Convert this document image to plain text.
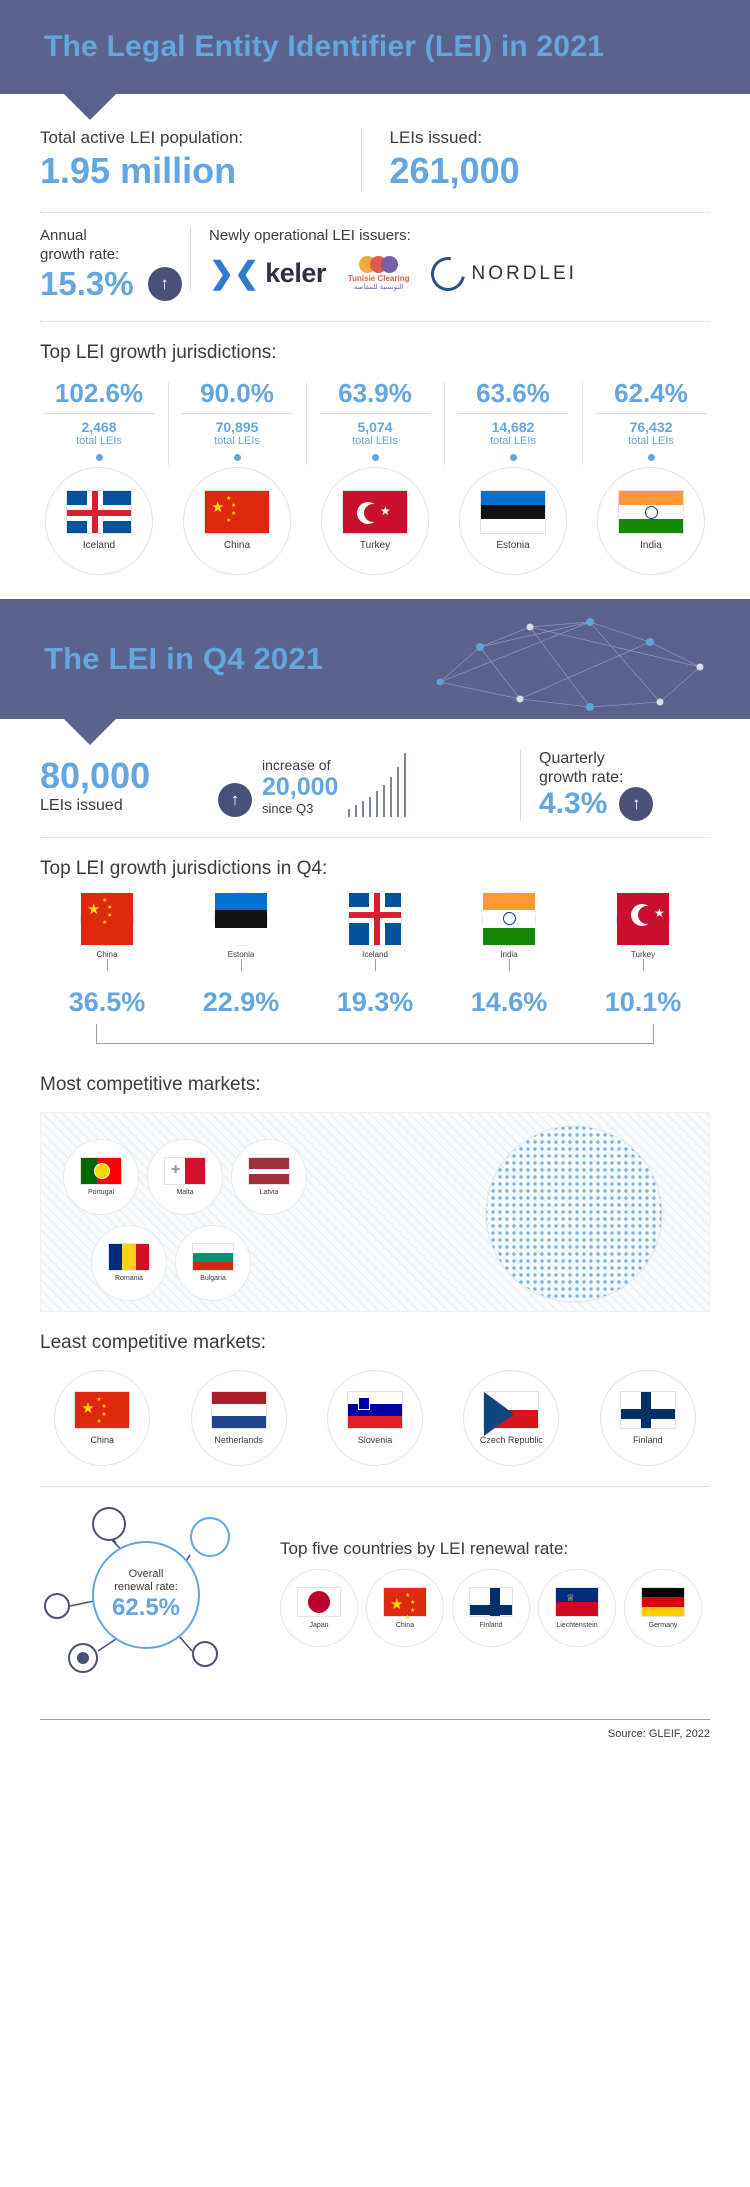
The Legal Entity Identifier (LEI) in 2021
Total active LEI population:
1.95 million
LEIs issued:
261,000
Annual
growth rate:
15.3%	↑
Newly operational LEI issuers:
❯❮ keler	Tunisie Clearing
التونسية للمقاصة
NORDLEI
Top LEI growth jurisdictions:
102.6%
2,468
total LEIs
Iceland
90.0%
70,895
total LEIs
★ ★
★
★
★
China
63.9%
5,074
total LEIs
★
Turkey
63.6%
14,682
total LEIs
Estonia
62.4%
76,432
total LEIs
India
The LEI in Q4 2021
80,000
LEIs issued	↑
increase of
20,000
since Q3
Quarterly
growth rate:
4.3%	↑
Top LEI growth jurisdictions in Q4:
★ ★
★
★
★
China	Estonia	Iceland	India
★
Turkey
36.5%	22.9%	19.3%	14.6%	10.1%
Most competitive markets:
Portugal
✚
Malta	Latvia
Romania	Bulgaria
Least competitive markets:
★ ★
★
★
★
China	Netherlands	Slovenia	Czech Republic	Finland
Overall
renewal rate:
62.5%
Top five countries by LEI renewal rate:
Japan
★ ★
★
★
★
China	Finland
♕
Liechtenstein	Germany
Source: GLEIF, 2022
